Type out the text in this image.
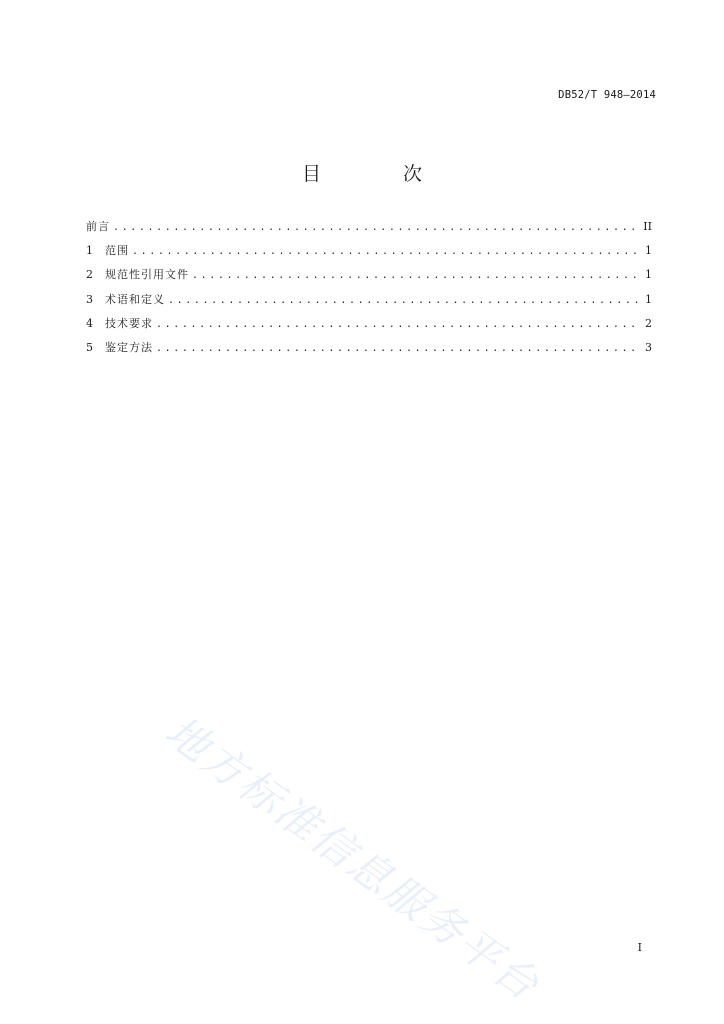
DB52/T 948—2014
目 次
前言 .....	II
1	范围 .....	1
2	规范性引用文件 .....	1
3	术语和定义 .....	1
4	技术要求 .....	2
5	鉴定方法 .....	3
地方标准信息服务平台	I
